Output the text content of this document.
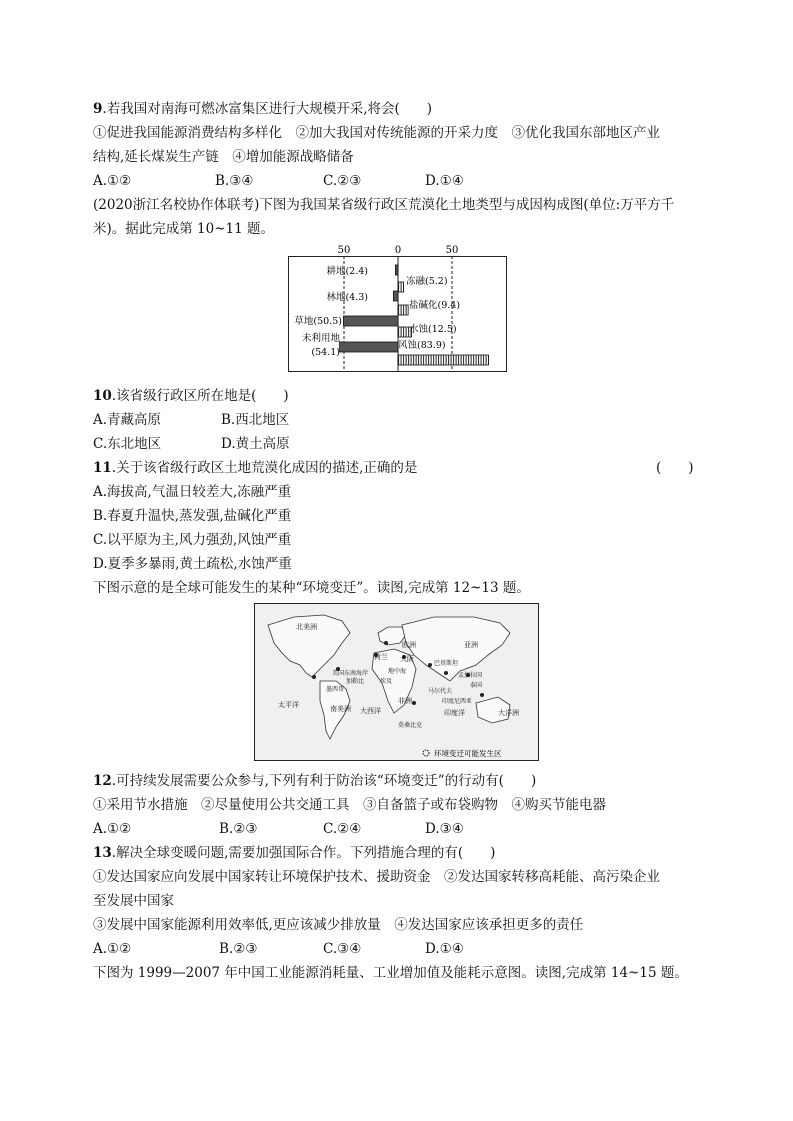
9.若我国对南海可燃冰富集区进行大规模开采,将会(　　)
①促进我国能源消费结构多样化　②加大我国对传统能源的开采力度　③优化我国东部地区产业
结构,延长煤炭生产链　④增加能源战略储备
A.①②	B.③④	C.②③	D.①④
(2020浙江名校协作体联考)下图为我国某省级行政区荒漠化土地类型与成因构成图(单位:万平方千
米)。据此完成第 10~11 题。
50	0	50
耕地(2.4)
林地(4.3)
草地(50.5)
未利用地
(54.1)
冻融(5.2)
盐碱化(9.4)
水蚀(12.5)
风蚀(83.9)
10.该省级行政区所在地是(　　)
A.青藏高原	B.西北地区
C.东北地区	D.黄土高原
11.关于该省级行政区土地荒漠化成因的描述,正确的是	(　　)
A.海拔高,气温日较差大,冻融严重
B.春夏升温快,蒸发强,盐碱化严重
C.以平原为主,风力强劲,风蚀严重
D.夏季多暴雨,黄土疏松,水蚀严重
下图示意的是全球可能发生的某种“环境变迁”。读图,完成第 12~13 题。
北美洲
欧洲	亚洲
荷兰 大阪
美国东南海岸
墨西哥
地中海
巴基斯坦
孟加拉国
泰国
加勒比	埃及
马尔代夫
印度尼西亚
太平洋	南美洲 大西洋
非洲
印度洋	大洋洲
莫桑比克
环境变迁可能发生区
12.可持续发展需要公众参与,下列有利于防治该“环境变迁”的行动有(　　)
①采用节水措施　②尽量使用公共交通工具　③自备篮子或布袋购物　④购买节能电器
A.①②	B.②③	C.②④	D.③④
13.解决全球变暖问题,需要加强国际合作。下列措施合理的有(　　)
①发达国家应向发展中国家转让环境保护技术、援助资金　②发达国家转移高耗能、高污染企业
至发展中国家
③发展中国家能源利用效率低,更应该减少排放量　④发达国家应该承担更多的责任
A.①②	B.②③	C.③④	D.①④
下图为 1999—2007 年中国工业能源消耗量、工业增加值及能耗示意图。读图,完成第 14~15 题。
